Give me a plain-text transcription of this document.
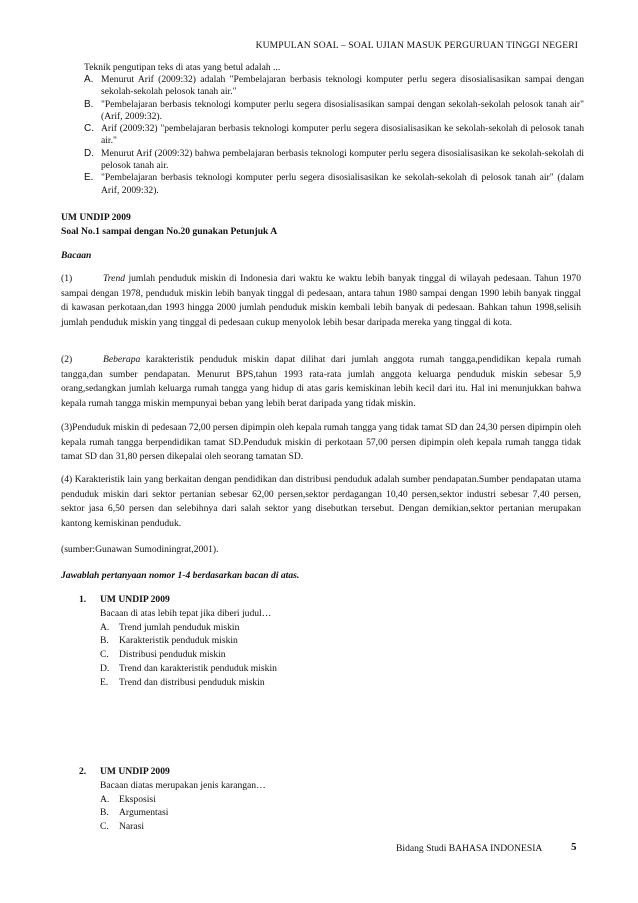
KUMPULAN SOAL – SOAL UJIAN MASUK PERGURUAN TINGGI NEGERI
Teknik pengutipan teks di atas yang betul adalah ...
A. Menurut Arif (2009:32) adalah "Pembelajaran berbasis teknologi komputer perlu segera disosialisasikan sampai dengan sekolah-sekolah pelosok tanah air."
B. "Pembelajaran berbasis teknologi komputer perlu segera disosialisasikan sampai dengan sekolah-sekolah pelosok tanah air" (Arif, 2009:32).
C. Arif (2009:32) "pembelajaran berbasis teknologi komputer perlu segera disosialisasikan ke sekolah-sekolah di pelosok tanah air."
D. Menurut Arif (2009:32) bahwa pembelajaran berbasis teknologi komputer perlu segera disosialisasikan ke sekolah-sekolah di pelosok tanah air.
E. "Pembelajaran berbasis teknologi komputer perlu segera disosialisasikan ke sekolah-sekolah di pelosok tanah air" (dalam Arif, 2009:32).
UM UNDIP 2009
Soal No.1 sampai dengan No.20 gunakan Petunjuk A
Bacaan
(1)	Trend jumlah penduduk miskin di Indonesia dari waktu ke waktu lebih banyak tinggal di wilayah pedesaan. Tahun 1970 sampai dengan 1978, penduduk miskin lebih banyak tinggal di pedesaan, antara tahun 1980 sampai dengan 1990 lebih banyak tinggal di kawasan perkotaan,dan 1993 hingga 2000 jumlah penduduk miskin kembali lebih banyak di pedesaan. Bahkan tahun 1998,selisih jumlah penduduk miskin yang tinggal di pedesaan cukup menyolok lebih besar daripada mereka yang tinggal di kota.
(2)	Beberapa karakteristik penduduk miskin dapat dilihat dari jumlah anggota rumah tangga,pendidikan kepala rumah tangga,dan sumber pendapatan. Menurut BPS,tahun 1993 rata-rata jumlah anggota keluarga penduduk miskin sebesar 5,9 orang,sedangkan jumlah keluarga rumah tangga yang hidup di atas garis kemiskinan lebih kecil dari itu. Hal ini menunjukkan bahwa kepala rumah tangga miskin mempunyai beban yang lebih berat daripada yang tidak miskin.
(3)Penduduk miskin di pedesaan 72,00 persen dipimpin oleh kepala rumah tangga yang tidak tamat SD dan 24,30 persen dipimpin oleh kepala rumah tangga berpendidikan tamat SD.Penduduk miskin di perkotaan 57,00 persen dipimpin oleh kepala rumah tangga tidak tamat SD dan 31,80 persen dikepalai oleh seorang tamatan SD.
(4) Karakteristik lain yang berkaitan dengan pendidikan dan distribusi penduduk adalah sumber pendapatan.Sumber pendapatan utama penduduk miskin dari sektor pertanian sebesar 62,00 persen,sektor perdagangan 10,40 persen,sektor industri sebesar 7,40 persen, sektor jasa 6,50 persen dan selebihnya dari salah sektor yang disebutkan tersebut. Dengan demikian,sektor pertanian merupakan kantong kemiskinan penduduk.
(sumber:Gunawan Sumodiningrat,2001).
Jawablah pertanyaan nomor 1-4 berdasarkan bacan di atas.
1.	UM UNDIP 2009
Bacaan di atas lebih tepat jika diberi judul…
A.	Trend jumlah penduduk miskin
B.	Karakteristik penduduk miskin
C.	Distribusi penduduk miskin
D.	Trend dan karakteristik penduduk miskin
E.	Trend dan distribusi penduduk miskin
2.	UM UNDIP 2009
Bacaan diatas merupakan jenis karangan…
A.	Eksposisi
B.	Argumentasi
C.	Narasi
Bidang Studi BAHASA INDONESIA	5
